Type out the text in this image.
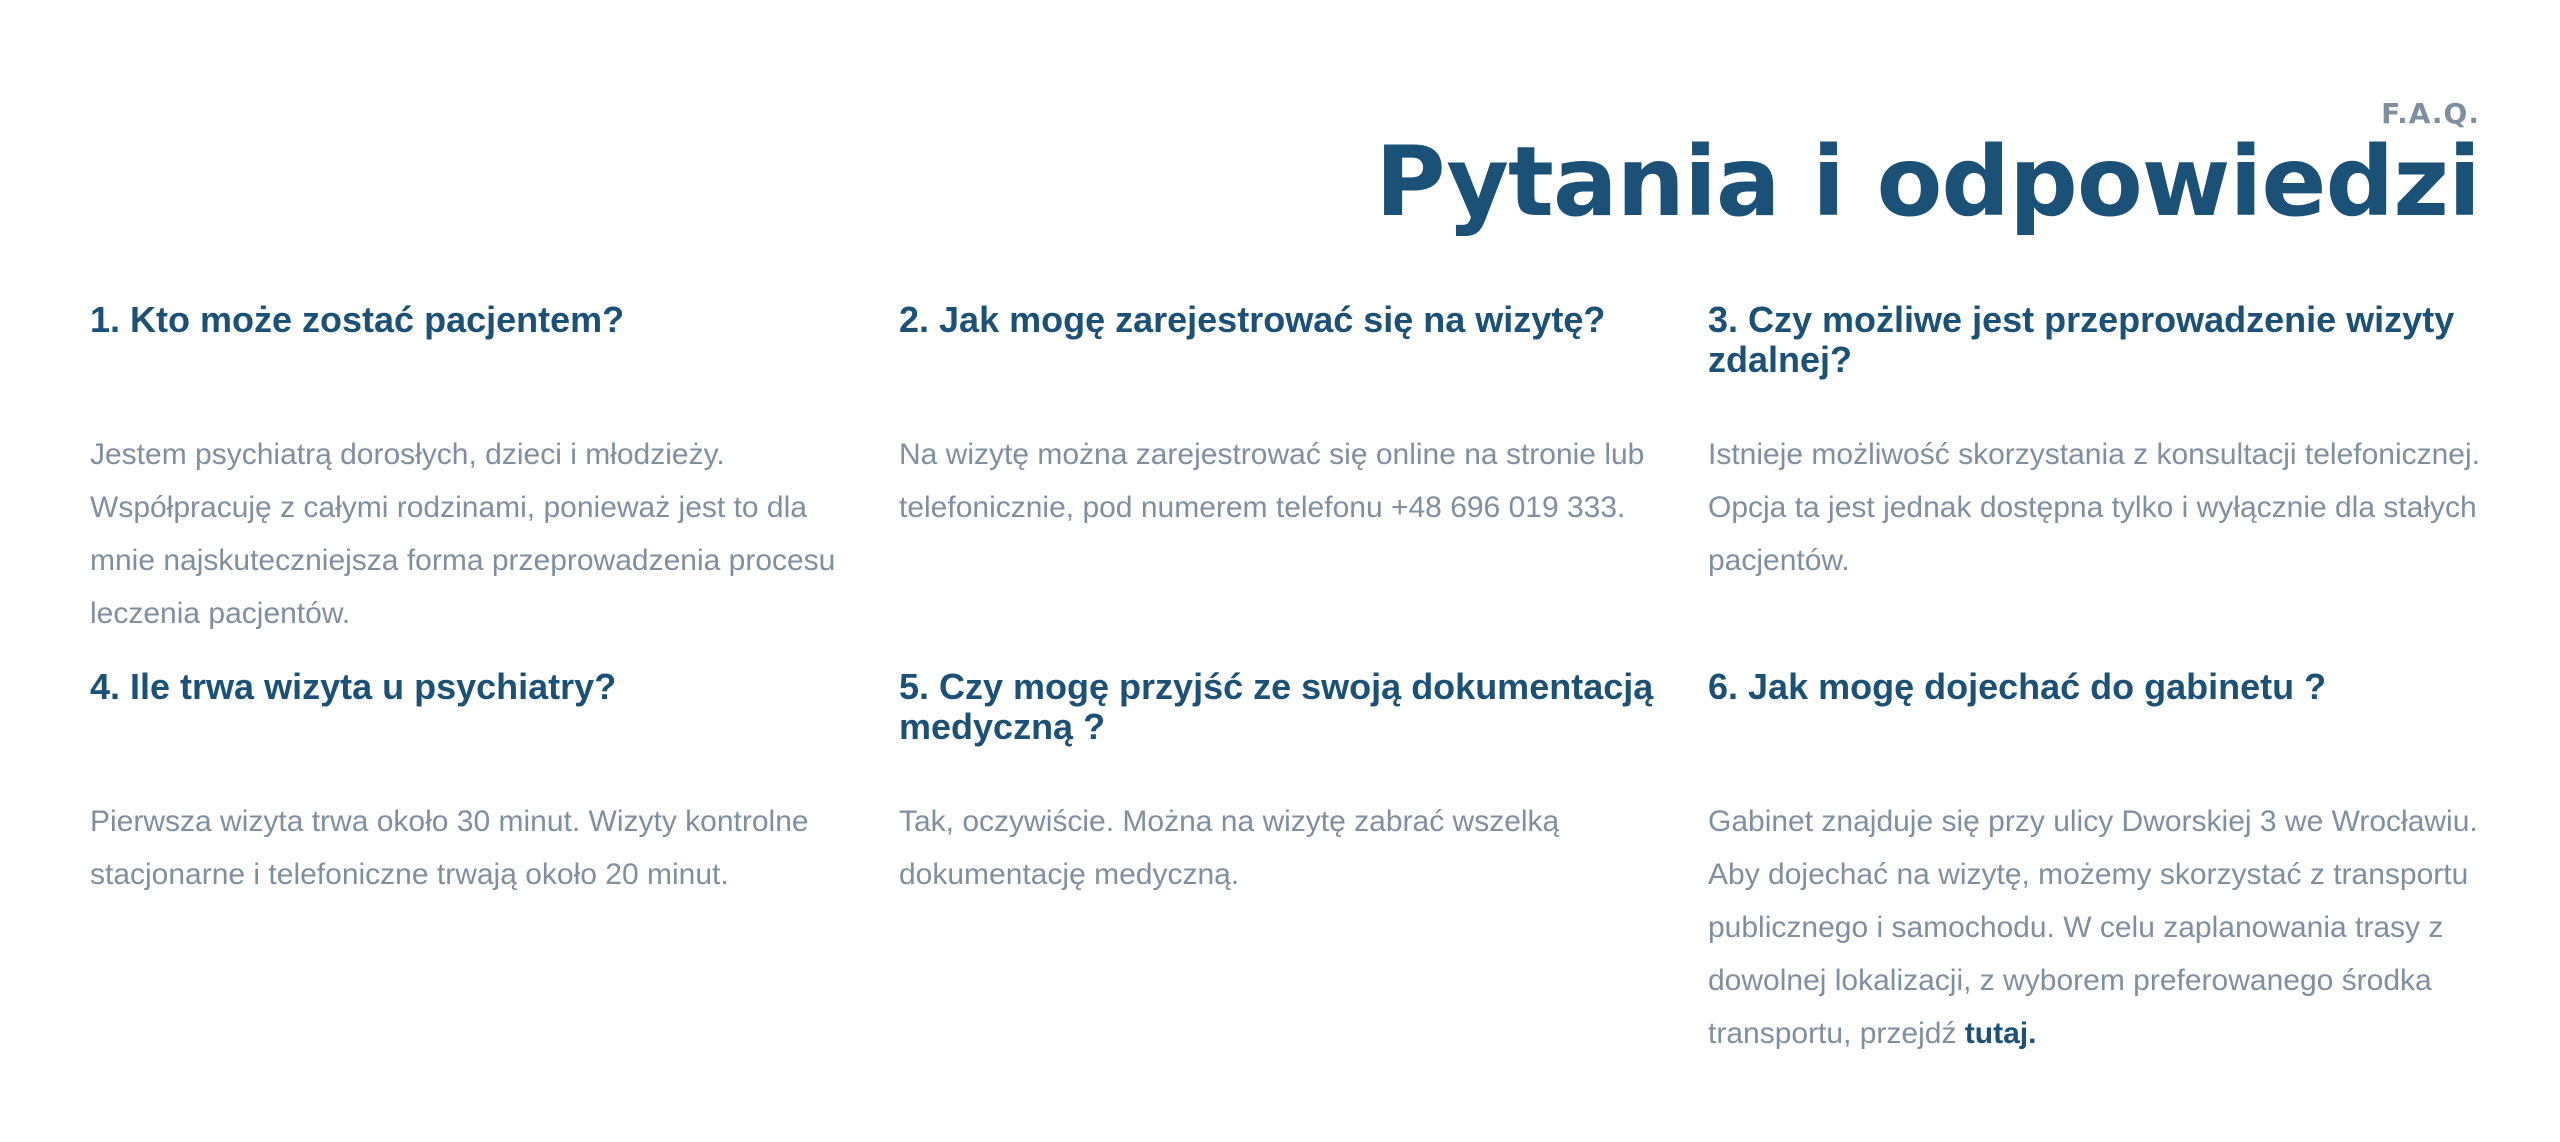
F.A.Q.
Pytania i odpowiedzi
1. Kto może zostać pacjentem?

Jestem psychiatrą dorosłych, dzieci i młodzieży. Współpracuję z całymi rodzinami, ponieważ jest to dla mnie najskuteczniejsza forma przeprowadzenia procesu leczenia pacjentów.

2. Jak mogę zarejestrować się na wizytę?

Na wizytę można zarejestrować się online na stronie lub telefonicznie, pod numerem telefonu +48 696 019 333.

3. Czy możliwe jest przeprowadzenie wizyty zdalnej?

Istnieje możliwość skorzystania z konsultacji telefonicznej. Opcja ta jest jednak dostępna tylko i wyłącznie dla stałych pacjentów.

4. Ile trwa wizyta u psychiatry?

Pierwsza wizyta trwa około 30 minut. Wizyty kontrolne stacjonarne i telefoniczne trwają około 20 minut.

5. Czy mogę przyjść ze swoją dokumentacją medyczną ?

Tak, oczywiście. Można na wizytę zabrać wszelką dokumentację medyczną.

6. Jak mogę dojechać do gabinetu ?

Gabinet znajduje się przy ulicy Dworskiej 3 we Wrocławiu. Aby dojechać na wizytę, możemy skorzystać z transportu publicznego i samochodu. W celu zaplanowania trasy z dowolnej lokalizacji, z wyborem preferowanego środka transportu, przejdź tutaj.
